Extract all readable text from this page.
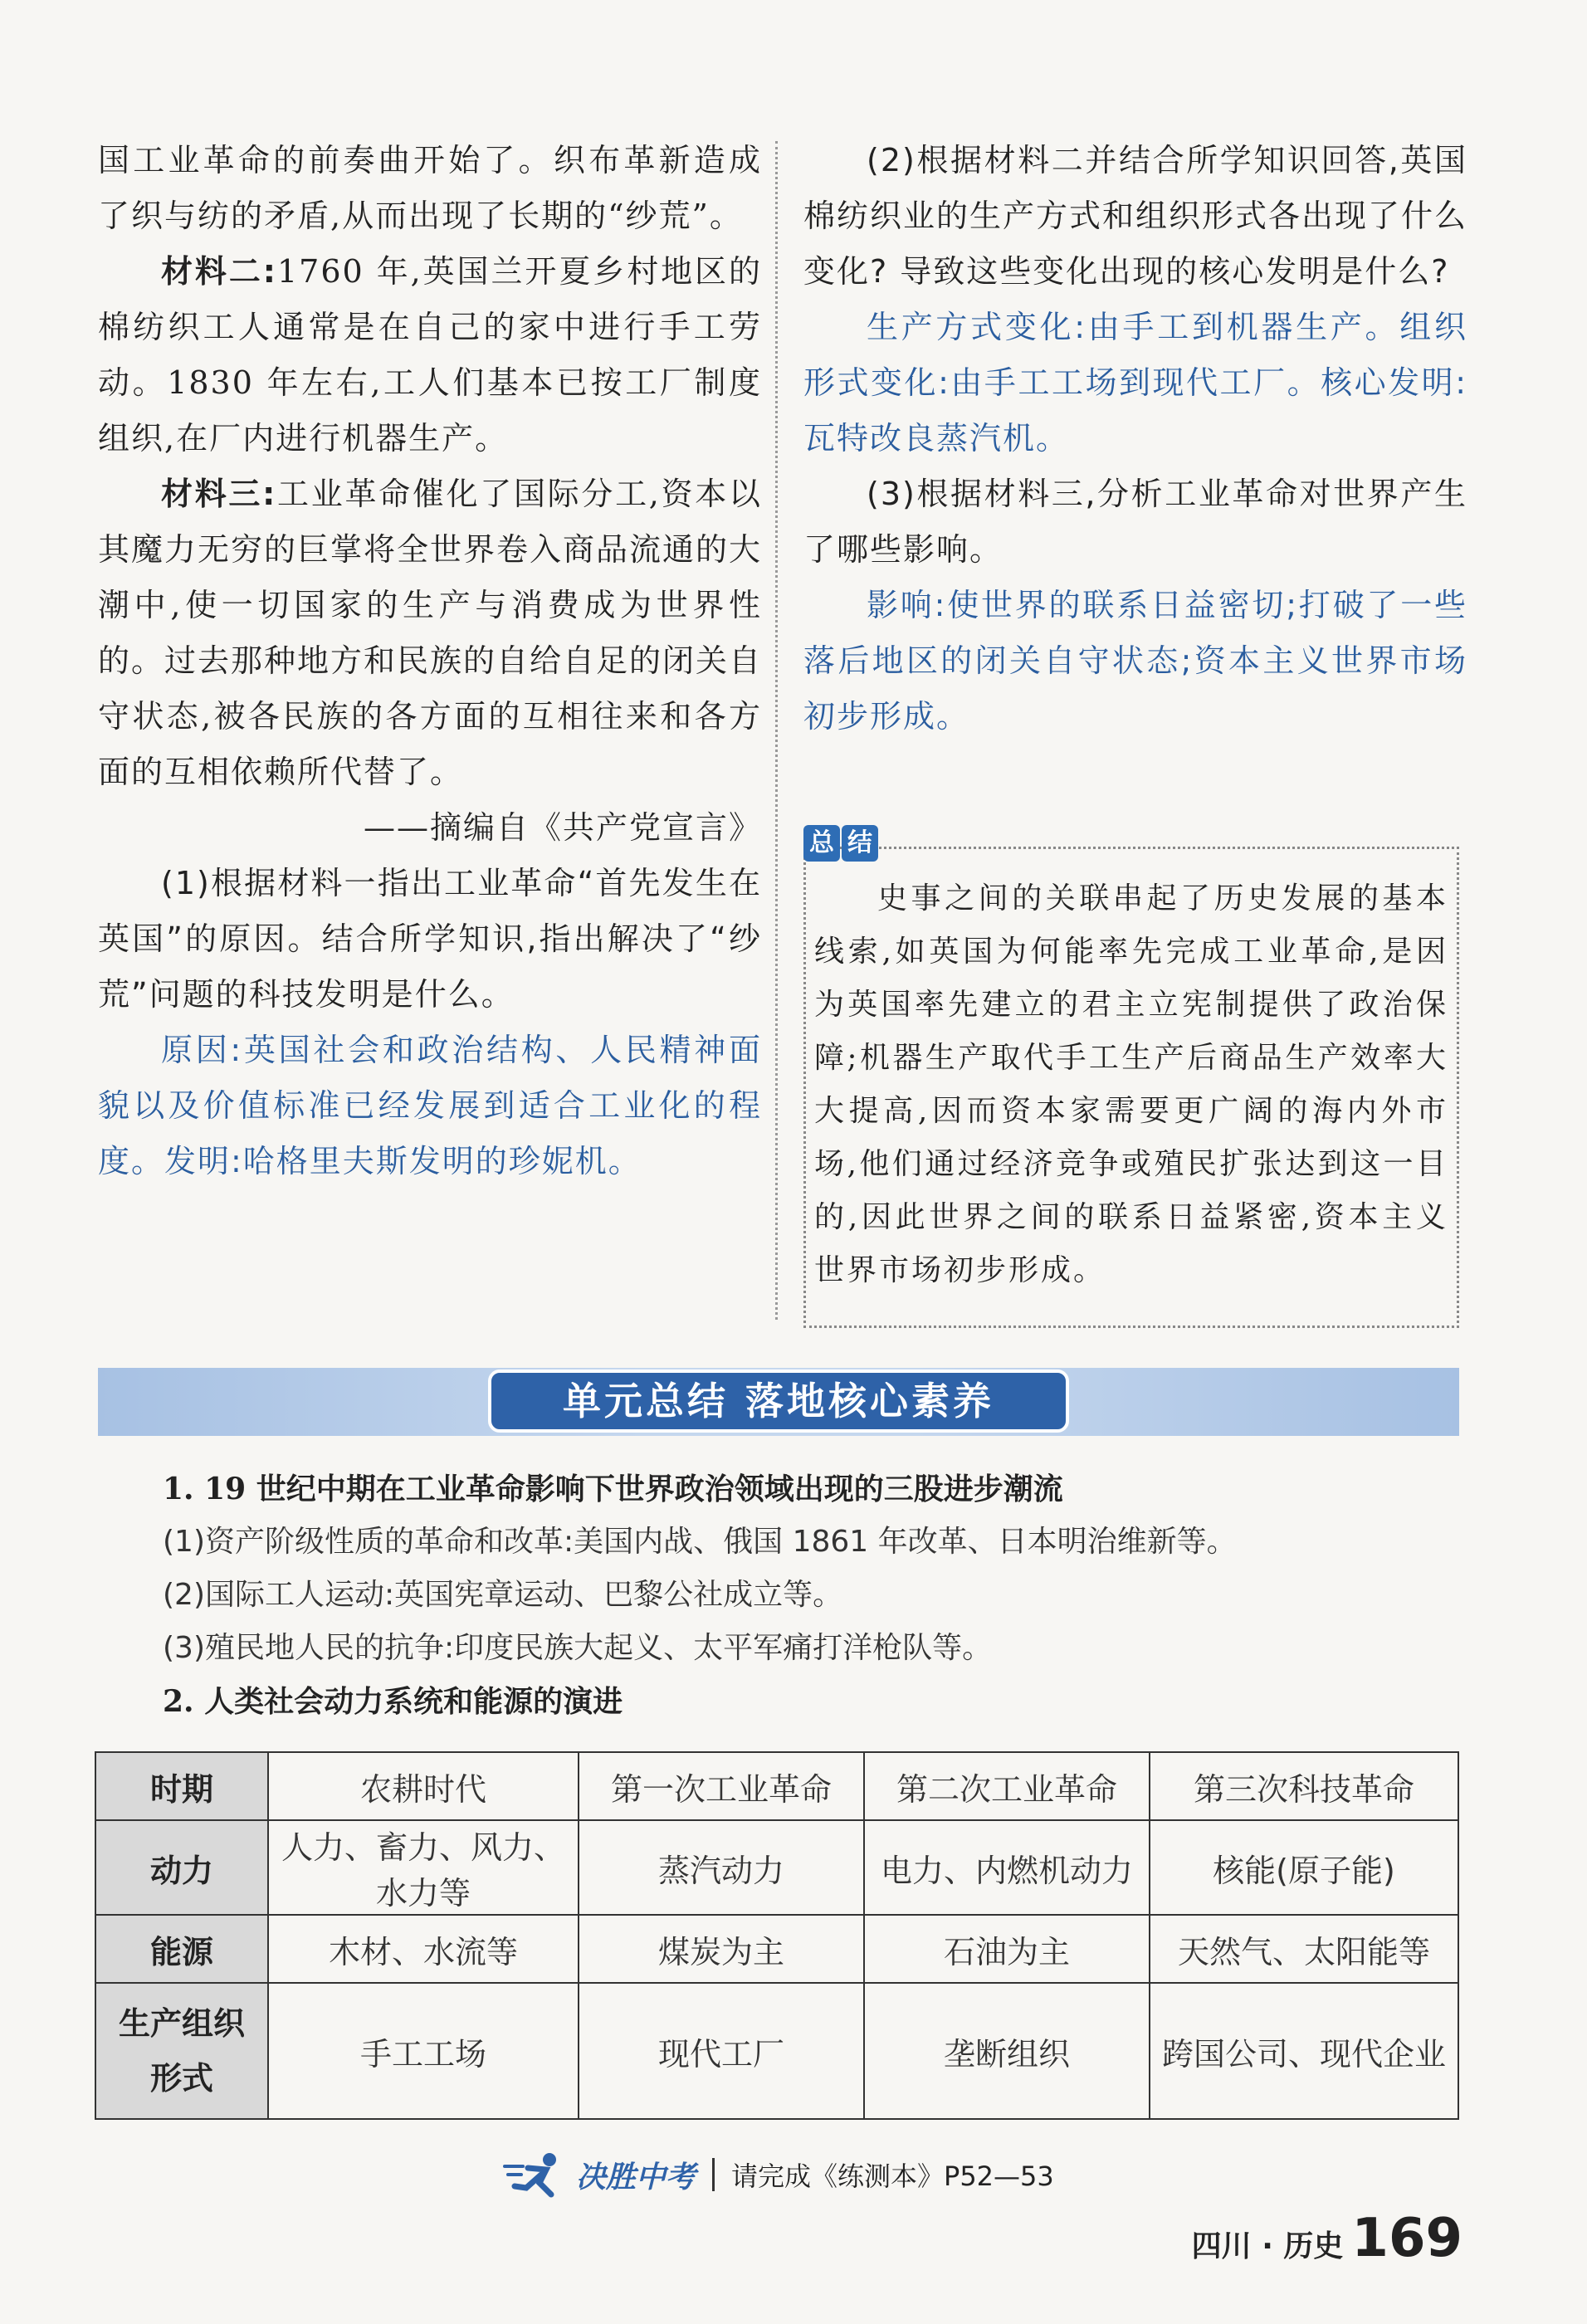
国工业革命的前奏曲开始了。织布革新造成

了织与纺的矛盾,从而出现了长期的“纱荒”。

材料二:1760 年,英国兰开夏乡村地区的棉纺织工人通常是在自己的家中进行手工劳动。1830 年左右,工人们基本已按工厂制度组织,在厂内进行机器生产。

材料三:工业革命催化了国际分工,资本以其魔力无穷的巨掌将全世界卷入商品流通的大潮中,使一切国家的生产与消费成为世界性的。过去那种地方和民族的自给自足的闭关自守状态,被各民族的各方面的互相往来和各方面的互相依赖所代替了。

——摘编自《共产党宣言》

(1)根据材料一指出工业革命“首先发生在英国”的原因。结合所学知识,指出解决了“纱荒”问题的科技发明是什么。

原因:英国社会和政治结构、人民精神面貌以及价值标准已经发展到适合工业化的程度。发明:哈格里夫斯发明的珍妮机。

(2)根据材料二并结合所学知识回答,英国棉纺织业的生产方式和组织形式各出现了什么变化? 导致这些变化出现的核心发明是什么?

生产方式变化:由手工到机器生产。组织形式变化:由手工工场到现代工厂。核心发明:瓦特改良蒸汽机。

(3)根据材料三,分析工业革命对世界产生了哪些影响。

影响:使世界的联系日益密切;打破了一些落后地区的闭关自守状态;资本主义世界市场初步形成。

史事之间的关联串起了历史发展的基本线索,如英国为何能率先完成工业革命,是因为英国率先建立的君主立宪制提供了政治保障;机器生产取代手工生产后商品生产效率大大提高,因而资本家需要更广阔的海内外市场,他们通过经济竞争或殖民扩张达到这一目的,因此世界之间的联系日益紧密,资本主义世界市场初步形成。

总 结
单元总结 落地核心素养

1. 19 世纪中期在工业革命影响下世界政治领域出现的三股进步潮流

(1)资产阶级性质的革命和改革:美国内战、俄国 1861 年改革、日本明治维新等。

(2)国际工人运动:英国宪章运动、巴黎公社成立等。

(3)殖民地人民的抗争:印度民族大起义、太平军痛打洋枪队等。

2. 人类社会动力系统和能源的演进

时期	农耕时代	第一次工业革命	第二次工业革命	第三次科技革命
动力	人力、畜力、风力、水力等	蒸汽动力	电力、内燃机动力	核能(原子能)
能源	木材、水流等	煤炭为主	石油为主	天然气、太阳能等
生产组织形式	手工工场	现代工厂	垄断组织	跨国公司、现代企业
决胜中考 请完成《练测本》P52—53
四川 · 历史 169
